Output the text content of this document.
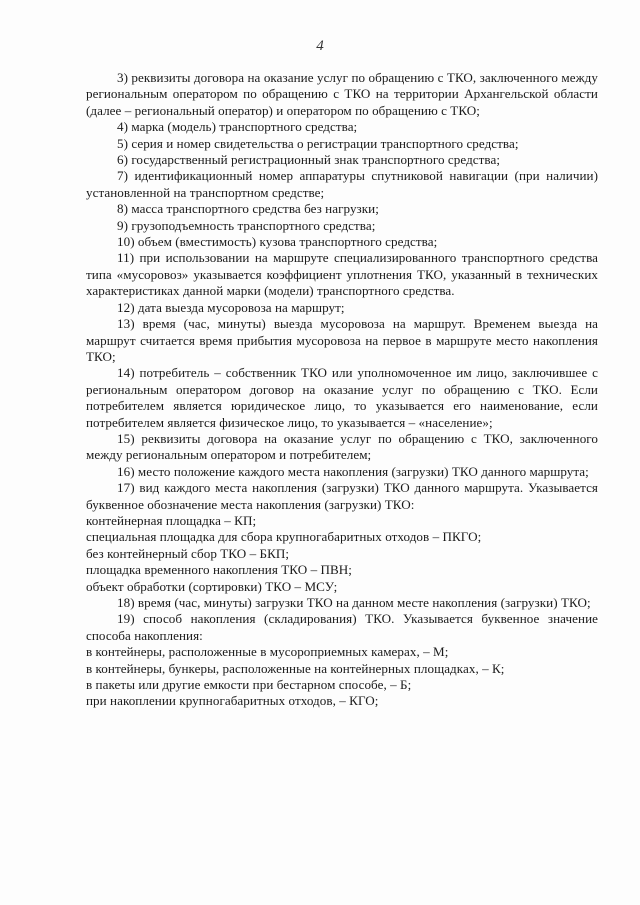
4

3) реквизиты договора на оказание услуг по обращению с ТКО, заключенного между региональным оператором по обращению с ТКО на территории Архангельской области (далее – региональный оператор) и оператором по обращению с ТКО;

4) марка (модель) транспортного средства;

5) серия и номер свидетельства о регистрации транспортного средства;

6) государственный регистрационный знак транспортного средства;

7) идентификационный номер аппаратуры спутниковой навигации (при наличии) установленной на транспортном средстве;

8) масса транспортного средства без нагрузки;

9) грузоподъемность транспортного средства;

10) объем (вместимость) кузова транспортного средства;

11) при использовании на маршруте специализированного транспортного средства типа «мусоровоз» указывается коэффициент уплотнения ТКО, указанный в технических характеристиках данной марки (модели) транспортного средства.

12) дата выезда мусоровоза на маршрут;

13) время (час, минуты) выезда мусоровоза на маршрут. Временем выезда на маршрут считается время прибытия мусоровоза на первое в маршруте место накопления ТКО;

14) потребитель – собственник ТКО или уполномоченное им лицо, заключившее с региональным оператором договор на оказание услуг по обращению с ТКО. Если потребителем является юридическое лицо, то указывается его наименование, если потребителем является физическое лицо, то указывается – «население»;

15) реквизиты договора на оказание услуг по обращению с ТКО, заключенного между региональным оператором и потребителем;

16) место положение каждого места накопления (загрузки) ТКО данного маршрута;

17) вид каждого места накопления (загрузки) ТКО данного маршрута. Указывается буквенное обозначение места накопления (загрузки) ТКО:

контейнерная площадка – КП;

специальная площадка для сбора крупногабаритных отходов – ПКГО;

без контейнерный сбор ТКО – БКП;

площадка временного накопления ТКО – ПВН;

объект обработки (сортировки) ТКО – МСУ;

18) время (час, минуты) загрузки ТКО на данном месте накопления (загрузки) ТКО;

19) способ накопления (складирования) ТКО. Указывается буквенное значение способа накопления:

в контейнеры, расположенные в мусороприемных камерах, – М;

в контейнеры, бункеры, расположенные на контейнерных площадках, – К;

в пакеты или другие емкости при бестарном способе, – Б;

при накоплении крупногабаритных отходов, – КГО;
